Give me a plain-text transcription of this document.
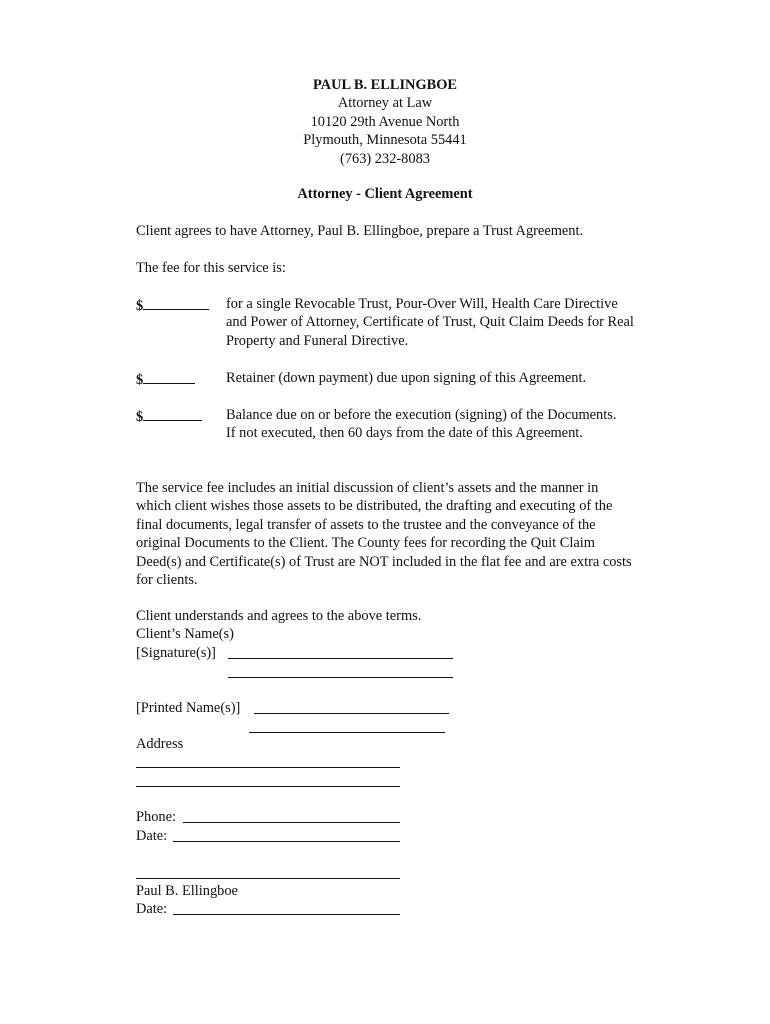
PAUL B. ELLINGBOE
Attorney at Law
10120 29th Avenue North
Plymouth, Minnesota 55441
(763) 232-8083
Attorney - Client Agreement
Client agrees to have Attorney, Paul B. Ellingboe, prepare a Trust Agreement.
The fee for this service is:
$	for a single Revocable Trust, Pour-Over Will, Health Care Directive and Power of Attorney, Certificate of Trust, Quit Claim Deeds for Real Property and Funeral Directive.
$	Retainer (down payment) due upon signing of this Agreement.
$	Balance due on or before the execution (signing) of the Documents. If not executed, then 60 days from the date of this Agreement.
The service fee includes an initial discussion of client’s assets and the manner in which client wishes those assets to be distributed, the drafting and executing of the final documents, legal transfer of assets to the trustee and the conveyance of the original Documents to the Client. The County fees for recording the Quit Claim Deed(s) and Certificate(s) of Trust are NOT included in the flat fee and are extra costs for clients.
Client understands and agrees to the above terms.
Client’s Name(s)
[Signature(s)]
[Printed Name(s)]
Address
Phone:
Date:
Paul B. Ellingboe
Date:
